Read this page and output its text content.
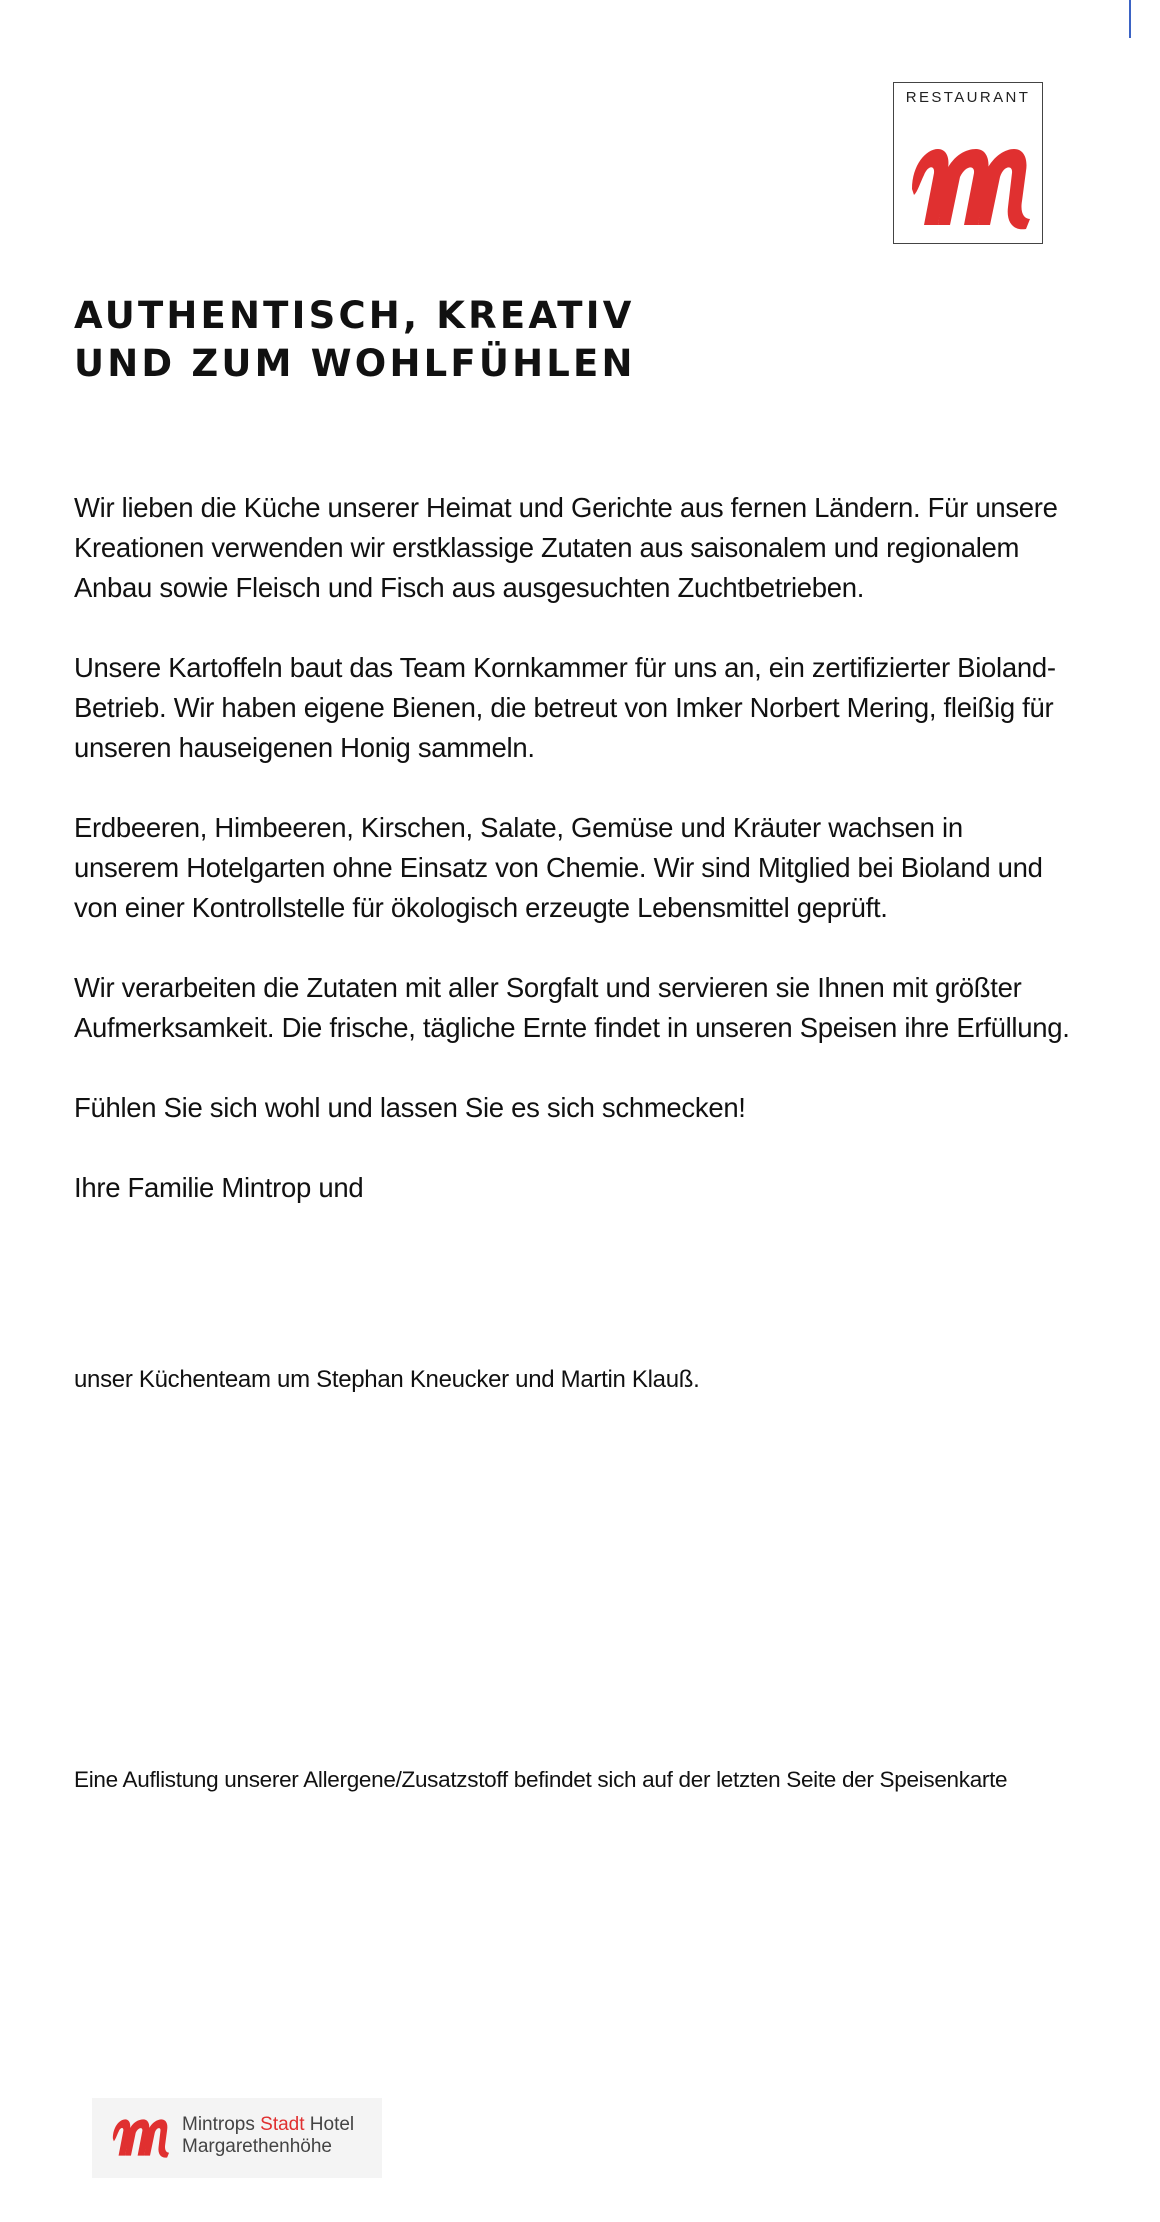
RESTAURANT
AUTHENTISCH, KREATIV
UND ZUM WOHLFÜHLEN

Wir lieben die Küche unserer Heimat und Gerichte aus fernen Ländern. Für unsere Kreationen verwenden wir erstklassige Zutaten aus saisonalem und regionalem Anbau sowie Fleisch und Fisch aus ausgesuchten Zuchtbetrieben.

Unsere Kartoffeln baut das Team Kornkammer für uns an, ein zertifizierter Bioland-Betrieb. Wir haben eigene Bienen, die betreut von Imker Norbert Mering, fleißig für unseren hauseigenen Honig sammeln.

Erdbeeren, Himbeeren, Kirschen, Salate, Gemüse und Kräuter wachsen in unserem Hotelgarten ohne Einsatz von Chemie. Wir sind Mitglied bei Bioland und von einer Kontrollstelle für ökologisch erzeugte Lebensmittel geprüft.

Wir verarbeiten die Zutaten mit aller Sorgfalt und servieren sie Ihnen mit größter Aufmerksamkeit. Die frische, tägliche Ernte findet in unseren Speisen ihre Erfüllung.

Fühlen Sie sich wohl und lassen Sie es sich schmecken!

Ihre Familie Mintrop und

unser Küchenteam um Stephan Kneucker und Martin Klauß.
Eine Auflistung unserer Allergene/Zusatzstoff befindet sich auf der letzten Seite der Speisenkarte
Mintrops Stadt Hotel
Margarethenhöhe
